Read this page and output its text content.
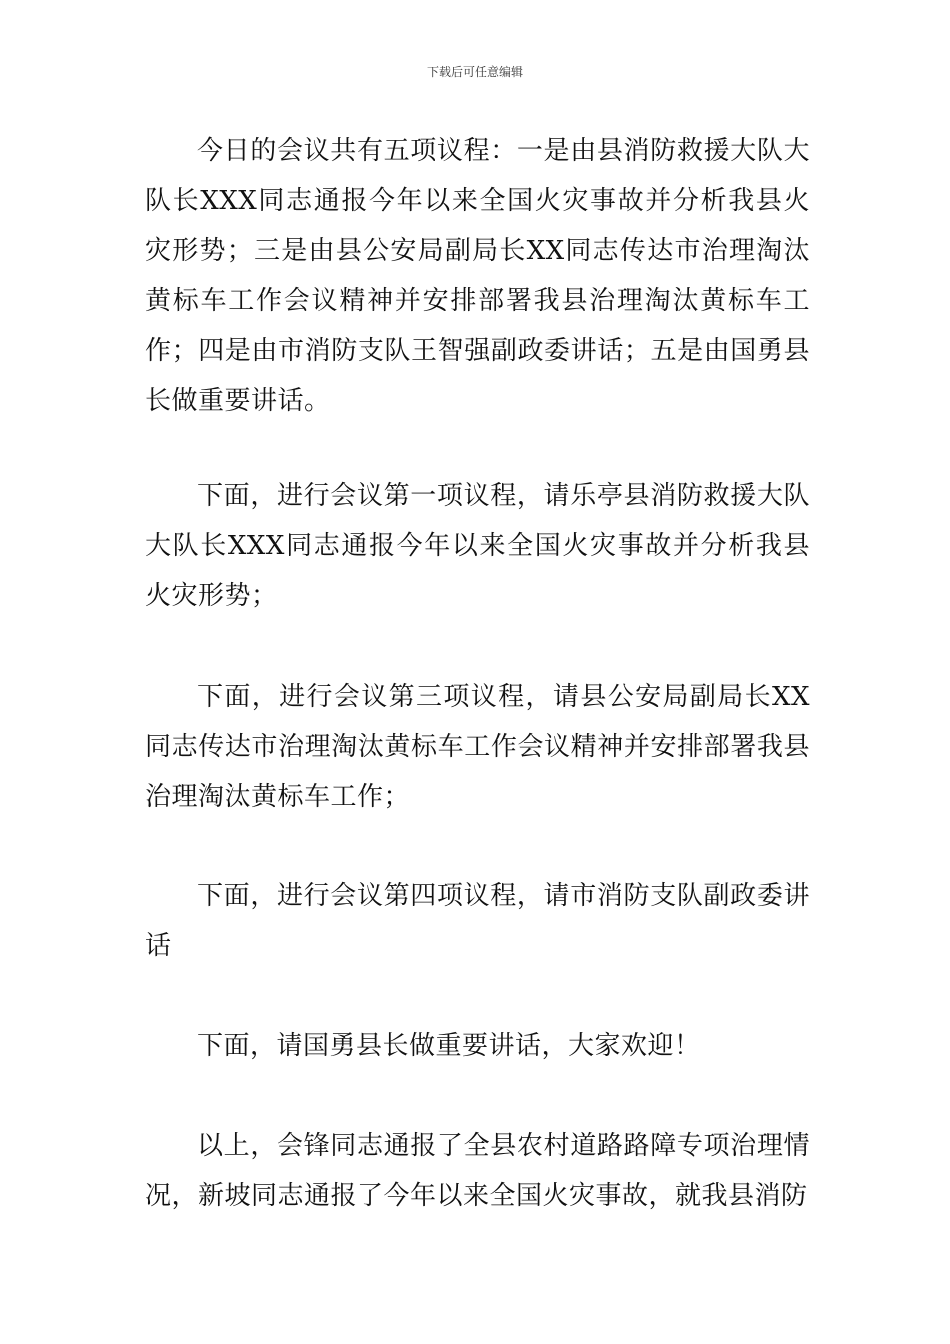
下载后可任意编辑

今日的会议共有五项议程：一是由县消防救援大队大队长XXX同志通报今年以来全国火灾事故并分析我县火灾形势；三是由县公安局副局长XX同志传达市治理淘汰黄标车工作会议精神并安排部署我县治理淘汰黄标车工作；四是由市消防支队王智强副政委讲话；五是由国勇县长做重要讲话。

下面，进行会议第一项议程，请乐亭县消防救援大队大队长XXX同志通报今年以来全国火灾事故并分析我县火灾形势；

下面，进行会议第三项议程，请县公安局副局长XX同志传达市治理淘汰黄标车工作会议精神并安排部署我县治理淘汰黄标车工作；

下面，进行会议第四项议程，请市消防支队副政委讲话

下面，请国勇县长做重要讲话，大家欢迎！

以上，会锋同志通报了全县农村道路路障专项治理情况，新坡同志通报了今年以来全国火灾事故，就我县消防
